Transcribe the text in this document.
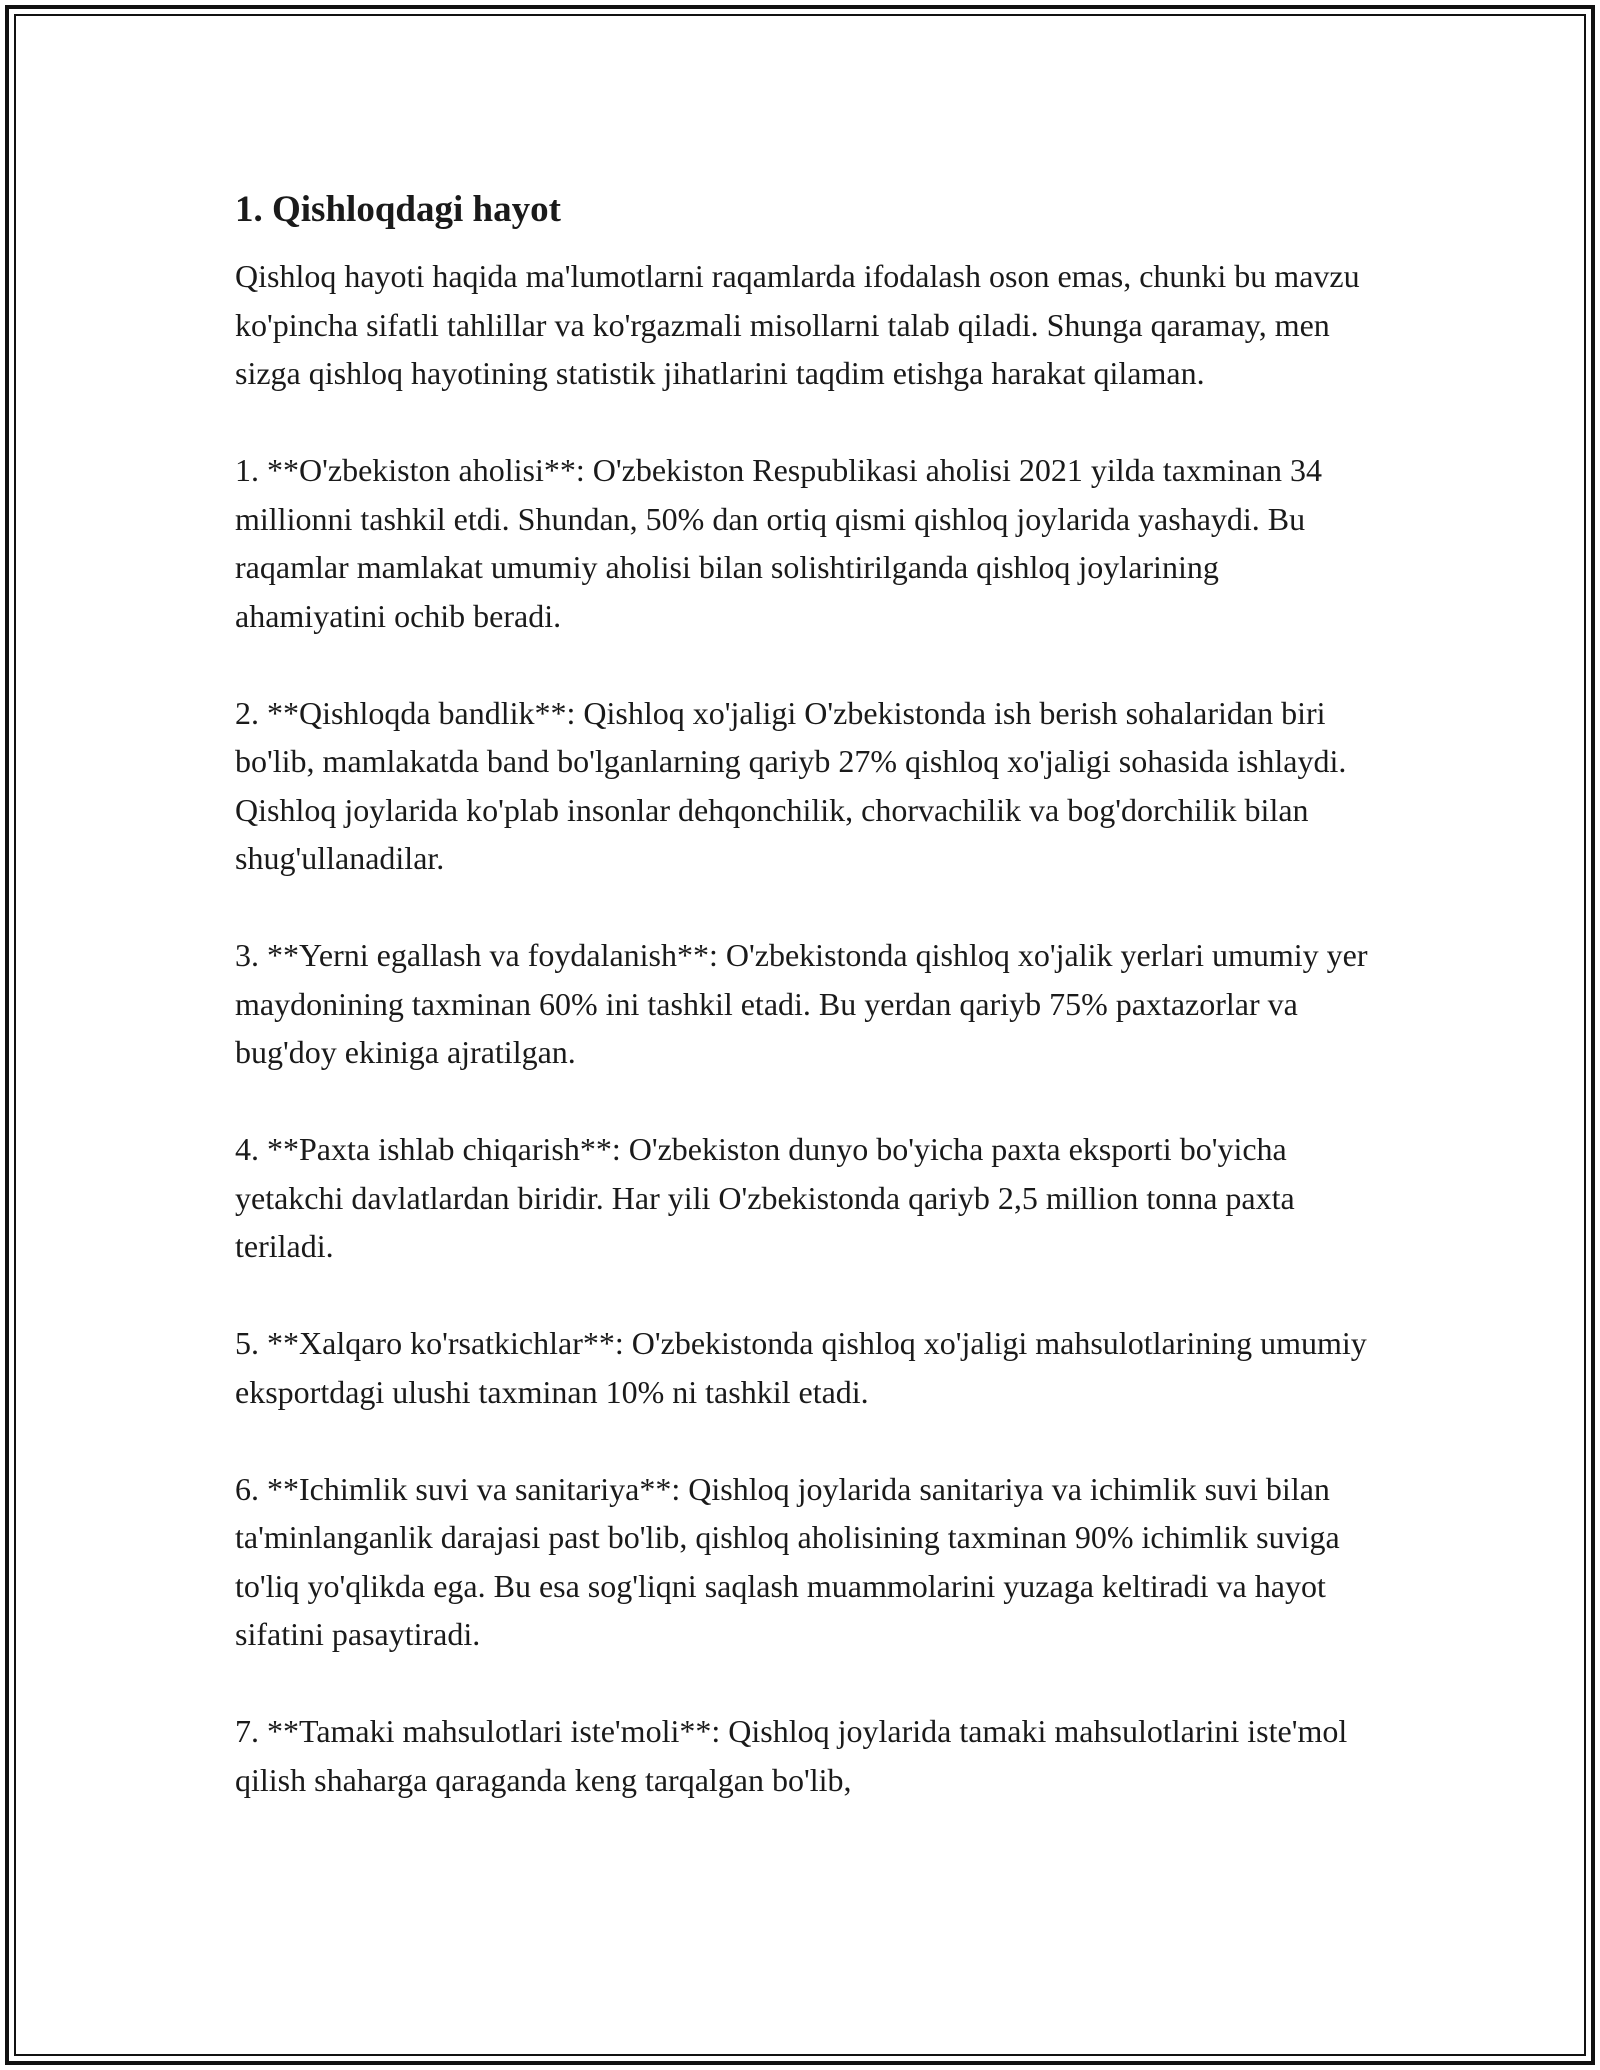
1. Qishloqdagi hayot

Qishloq hayoti haqida ma'lumotlarni raqamlarda ifodalash oson emas, chunki bu mavzu ko'pincha sifatli tahlillar va ko'rgazmali misollarni talab qiladi. Shunga qaramay, men sizga qishloq hayotining statistik jihatlarini taqdim etishga harakat qilaman.

1. **O'zbekiston aholisi**: O'zbekiston Respublikasi aholisi 2021 yilda taxminan 34 millionni tashkil etdi. Shundan, 50% dan ortiq qismi qishloq joylarida yashaydi. Bu raqamlar mamlakat umumiy aholisi bilan solishtirilganda qishloq joylarining ahamiyatini ochib beradi.

2. **Qishloqda bandlik**: Qishloq xo'jaligi O'zbekistonda ish berish sohalaridan biri bo'lib, mamlakatda band bo'lganlarning qariyb 27% qishloq xo'jaligi sohasida ishlaydi. Qishloq joylarida ko'plab insonlar dehqonchilik, chorvachilik va bog'dorchilik bilan shug'ullanadilar.

3. **Yerni egallash va foydalanish**: O'zbekistonda qishloq xo'jalik yerlari umumiy yer maydonining taxminan 60% ini tashkil etadi. Bu yerdan qariyb 75% paxtazorlar va bug'doy ekiniga ajratilgan.

4. **Paxta ishlab chiqarish**: O'zbekiston dunyo bo'yicha paxta eksporti bo'yicha yetakchi davlatlardan biridir. Har yili O'zbekistonda qariyb 2,5 million tonna paxta teriladi.

5. **Xalqaro ko'rsatkichlar**: O'zbekistonda qishloq xo'jaligi mahsulotlarining umumiy eksportdagi ulushi taxminan 10% ni tashkil etadi.

6. **Ichimlik suvi va sanitariya**: Qishloq joylarida sanitariya va ichimlik suvi bilan ta'minlanganlik darajasi past bo'lib, qishloq aholisining taxminan 90% ichimlik suviga to'liq yo'qlikda ega. Bu esa sog'liqni saqlash muammolarini yuzaga keltiradi va hayot sifatini pasaytiradi.

7. **Tamaki mahsulotlari iste'moli**: Qishloq joylarida tamaki mahsulotlarini iste'mol qilish shaharga qaraganda keng tarqalgan bo'lib,
